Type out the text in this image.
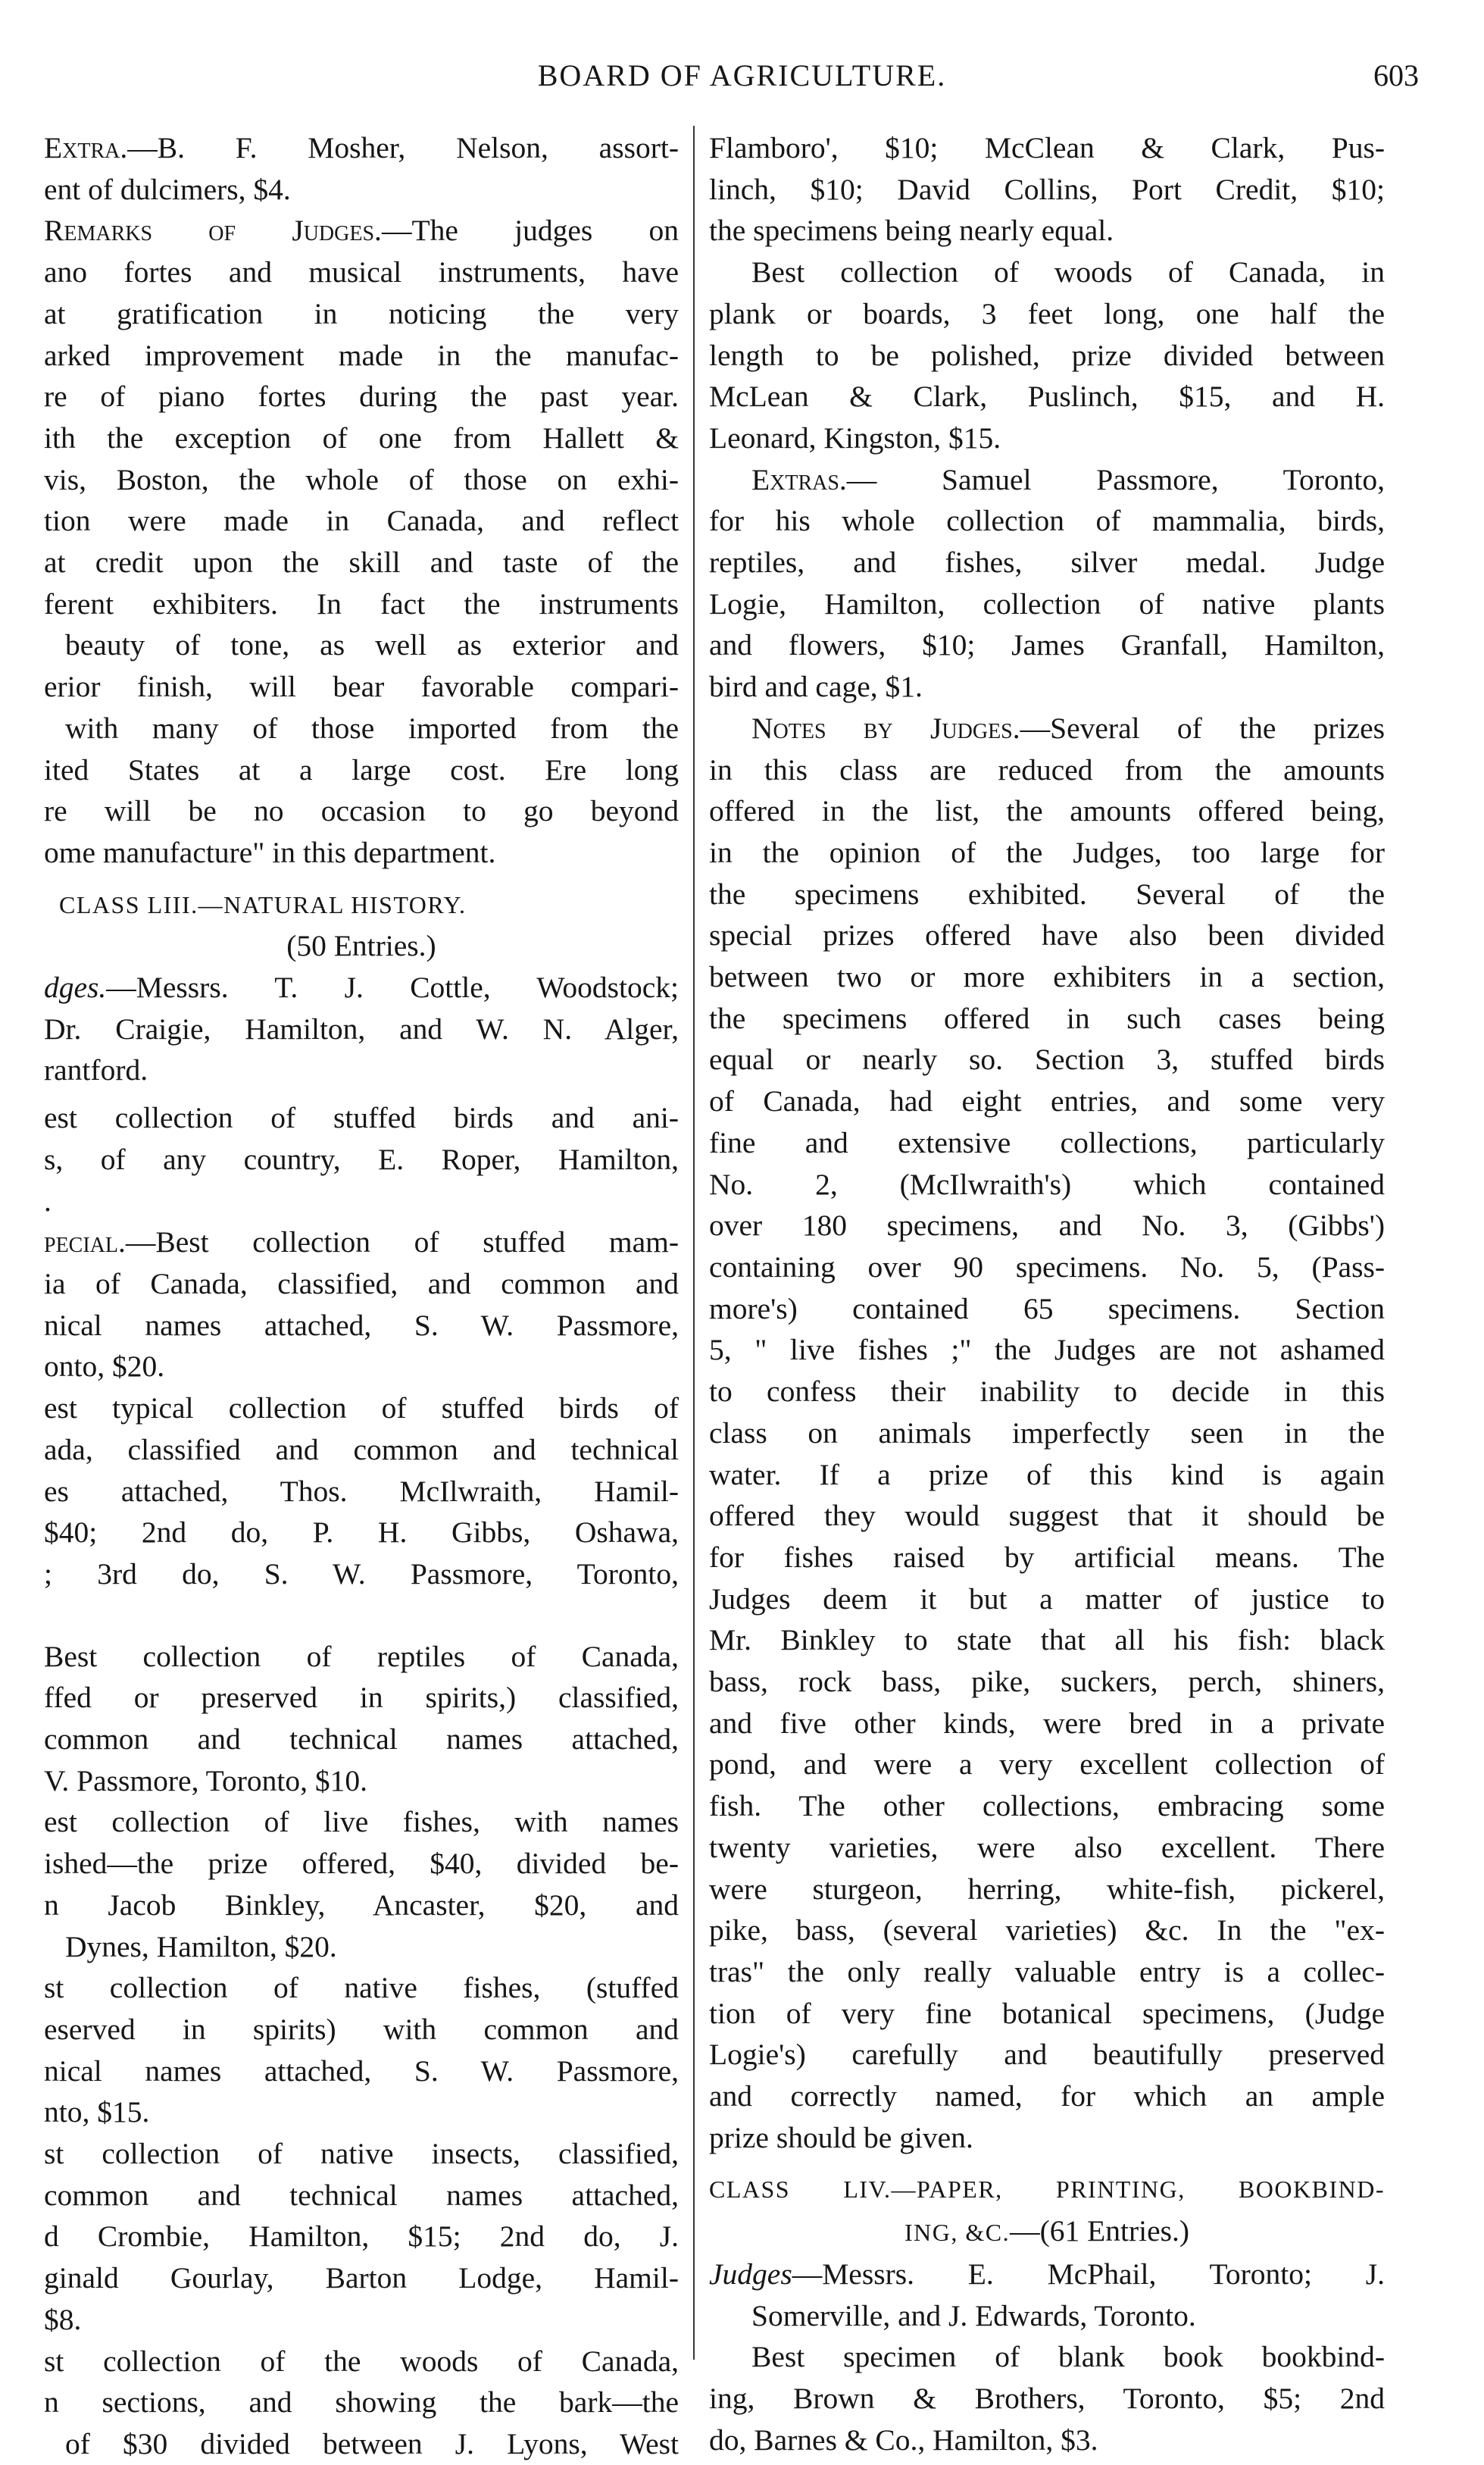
BOARD OF AGRICULTURE.	603

Extra.—B. F. Mosher, Nelson, assort-

ent of dulcimers, $4.

Remarks of Judges.—The judges on

ano fortes and musical instruments, have

at gratification in noticing the very

arked improvement made in the manufac-

re of piano fortes during the past year.

ith the exception of one from Hallett &

vis, Boston, the whole of those on exhi-

tion were made in Canada, and reflect

at credit upon the skill and taste of the

ferent exhibiters. In fact the instruments

beauty of tone, as well as exterior and

erior finish, will bear favorable compari-

with many of those imported from the

ited States at a large cost. Ere long

re will be no occasion to go beyond

ome manufacture" in this department.

CLASS LIII.—NATURAL HISTORY.

(50 Entries.)

dges.—Messrs. T. J. Cottle, Woodstock;

Dr. Craigie, Hamilton, and W. N. Alger,

rantford.

est collection of stuffed birds and ani-

s, of any country, E. Roper, Hamilton,

.

pecial.—Best collection of stuffed mam-

ia of Canada, classified, and common and

nical names attached, S. W. Passmore,

onto, $20.

est typical collection of stuffed birds of

ada, classified and common and technical

es attached, Thos. McIlwraith, Hamil-

$40; 2nd do, P. H. Gibbs, Oshawa,

; 3rd do, S. W. Passmore, Toronto,

Best collection of reptiles of Canada,

ffed or preserved in spirits,) classified,

common and technical names attached,

V. Passmore, Toronto, $10.

est collection of live fishes, with names

ished—the prize offered, $40, divided be-

n Jacob Binkley, Ancaster, $20, and

Dynes, Hamilton, $20.

st collection of native fishes, (stuffed

eserved in spirits) with common and

nical names attached, S. W. Passmore,

nto, $15.

st collection of native insects, classified,

common and technical names attached,

d Crombie, Hamilton, $15; 2nd do, J.

ginald Gourlay, Barton Lodge, Hamil-

$8.

st collection of the woods of Canada,

n sections, and showing the bark—the

of $30 divided between J. Lyons, West

Flamboro', $10; McClean & Clark, Pus-

linch, $10; David Collins, Port Credit, $10;

the specimens being nearly equal.

Best collection of woods of Canada, in

plank or boards, 3 feet long, one half the

length to be polished, prize divided between

McLean & Clark, Puslinch, $15, and H.

Leonard, Kingston, $15.

Extras.— Samuel Passmore, Toronto,

for his whole collection of mammalia, birds,

reptiles, and fishes, silver medal. Judge

Logie, Hamilton, collection of native plants

and flowers, $10; James Granfall, Hamilton,

bird and cage, $1.

Notes by Judges.—Several of the prizes

in this class are reduced from the amounts

offered in the list, the amounts offered being,

in the opinion of the Judges, too large for

the specimens exhibited. Several of the

special prizes offered have also been divided

between two or more exhibiters in a section,

the specimens offered in such cases being

equal or nearly so. Section 3, stuffed birds

of Canada, had eight entries, and some very

fine and extensive collections, particularly

No. 2, (McIlwraith's) which contained

over 180 specimens, and No. 3, (Gibbs')

containing over 90 specimens. No. 5, (Pass-

more's) contained 65 specimens. Section

5, " live fishes ;" the Judges are not ashamed

to confess their inability to decide in this

class on animals imperfectly seen in the

water. If a prize of this kind is again

offered they would suggest that it should be

for fishes raised by artificial means. The

Judges deem it but a matter of justice to

Mr. Binkley to state that all his fish: black

bass, rock bass, pike, suckers, perch, shiners,

and five other kinds, were bred in a private

pond, and were a very excellent collection of

fish. The other collections, embracing some

twenty varieties, were also excellent. There

were sturgeon, herring, white-fish, pickerel,

pike, bass, (several varieties) &c. In the "ex-

tras" the only really valuable entry is a collec-

tion of very fine botanical specimens, (Judge

Logie's) carefully and beautifully preserved

and correctly named, for which an ample

prize should be given.

CLASS LIV.—PAPER, PRINTING, BOOKBIND-

ING, &C.—(61 Entries.)

Judges—Messrs. E. McPhail, Toronto; J.

Somerville, and J. Edwards, Toronto.

Best specimen of blank book bookbind-

ing, Brown & Brothers, Toronto, $5; 2nd

do, Barnes & Co., Hamilton, $3.
